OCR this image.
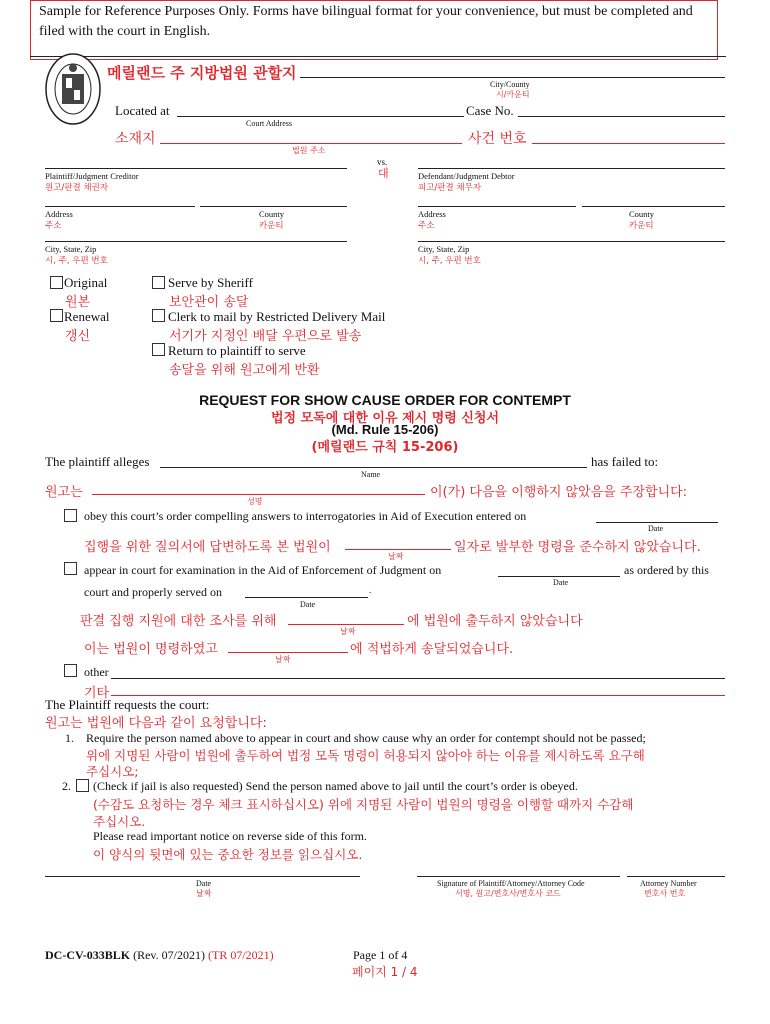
Sample for Reference Purposes Only. Forms have bilingual format for your convenience, but must be completed and filed with the court in English.
메릴랜드 주 지방법원 관할지
City/County
시/카운티
Located at
Court Address
Case No.
소재지
법원 주소
사건 번호
Plaintiff/Judgment Creditor
원고/판결 채권자
vs.
대	Defendant/Judgment Debtor
피고/판결 채무자
Address
주소
County
카운티
Address
주소
County
카운티
City, State, Zip
시, 주, 우편 번호
City, State, Zip
시, 주, 우편 번호
Original
원본
Renewal
갱신
Serve by Sheriff
보안관이 송달
Clerk to mail by Restricted Delivery Mail
서기가 지정인 배달 우편으로 발송
Return to plaintiff to serve
송달을 위해 원고에게 반환
REQUEST FOR SHOW CAUSE ORDER FOR CONTEMPT
법정 모독에 대한 이유 제시 명령 신청서
(Md. Rule 15-206)
(메릴랜드 규칙 15-206)
The plaintiff alleges
Name
has failed to:
원고는
성명
이(가) 다음을 이행하지 않았음을 주장합니다:
obey this court’s order compelling answers to interrogatories in Aid of Execution entered on
Date
집행을 위한 질의서에 답변하도록 본 법원이
날짜
일자로 발부한 명령을 준수하지 않았습니다.
appear in court for examination in the Aid of Enforcement of Judgment on
Date
as ordered by this
court and properly served on	.
Date
판결 집행 지원에 대한 조사를 위해
날짜
에 법원에 출두하지 않았습니다
이는 법원이 명령하였고
날짜
에 적법하게 송달되었습니다.
other
기타
The Plaintiff requests the court:
원고는 법원에 다음과 같이 요청합니다:
1. Require the person named above to appear in court and show cause why an order for contempt should not be passed;
위에 지명된 사람이 법원에 출두하여 법정 모독 명령이 허용되지 않아야 하는 이유를 제시하도록 요구해
주십시오;
2. (Check if jail is also requested) Send the person named above to jail until the court’s order is obeyed.
(수감도 요청하는 경우 체크 표시하십시오) 위에 지명된 사람이 법원의 명령을 이행할 때까지 수감해
주십시오.
Please read important notice on reverse side of this form.
이 양식의 뒷면에 있는 중요한 정보를 읽으십시오.
Date
날짜
Signature of Plaintiff/Attorney/Attorney Code
서명, 원고/변호사/변호사 코드
Attorney Number
변호사 번호
DC-CV-033BLK (Rev. 07/2021) (TR 07/2021)	Page 1 of 4
페이지 1 / 4
